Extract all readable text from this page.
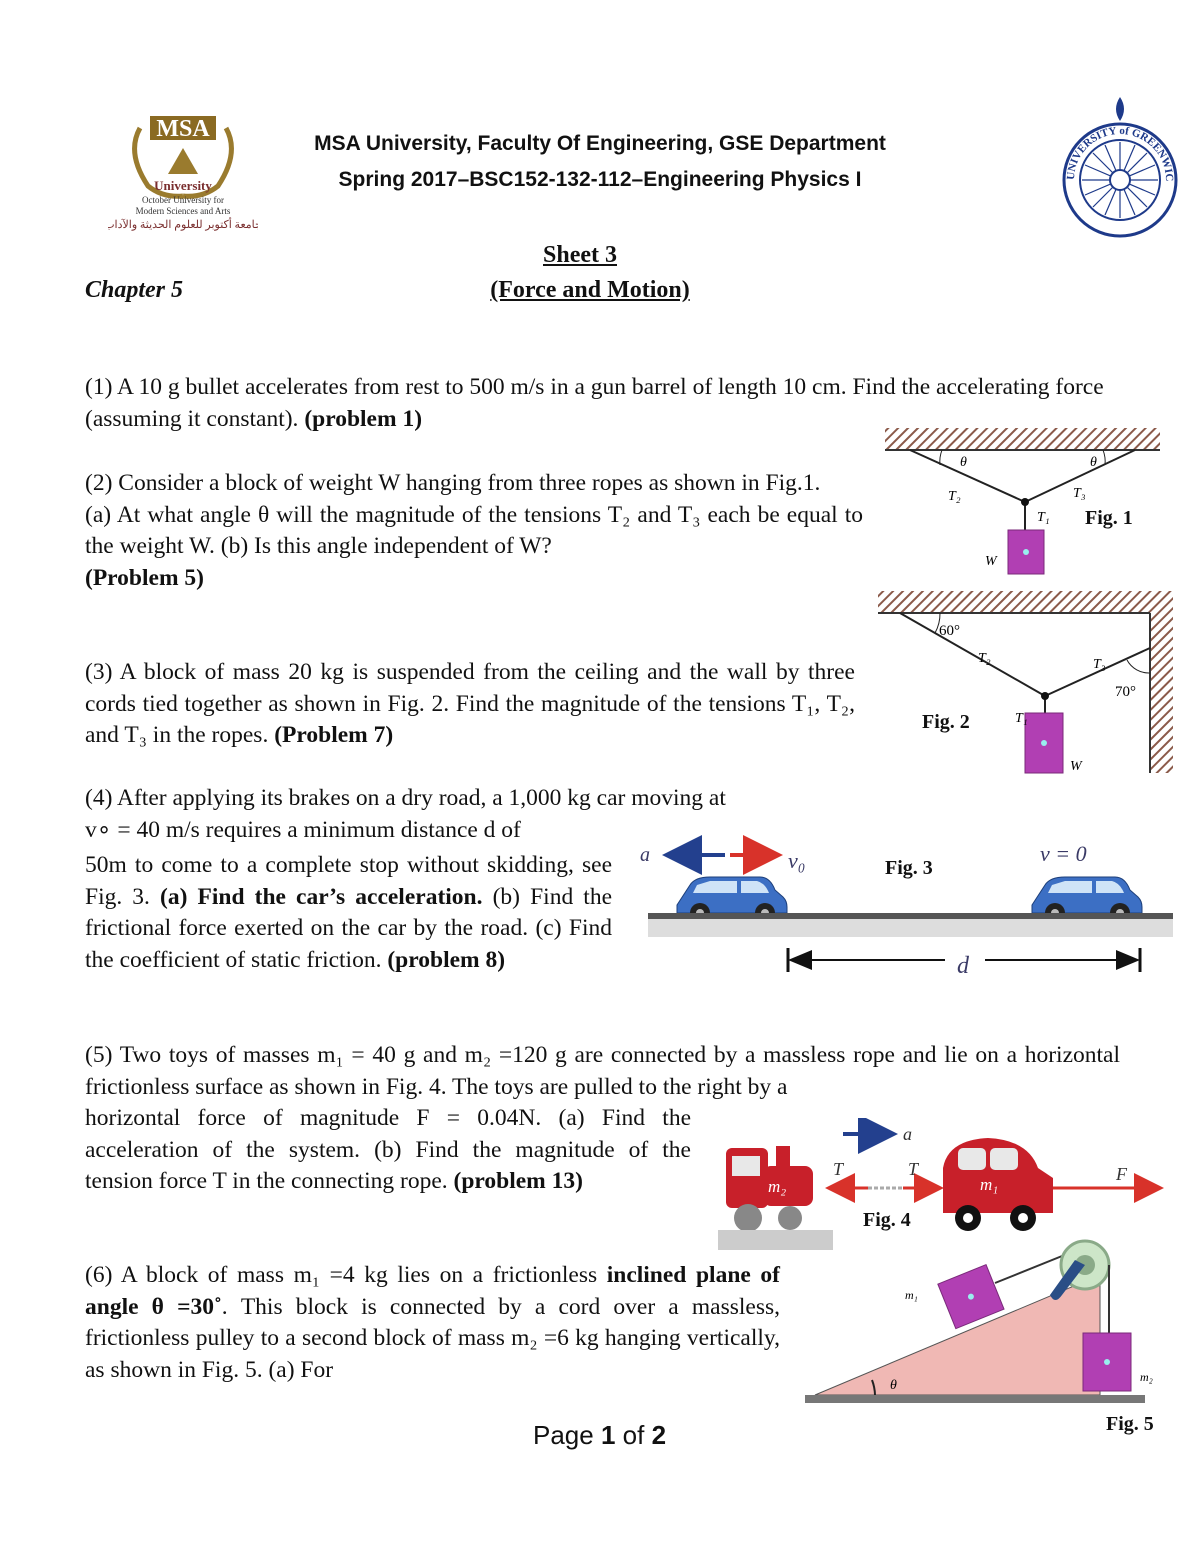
MSA
University
October University for
Modern Sciences and Arts
جامعة أكتوبر للعلوم الحديثة والآداب
MSA University, Faculty Of Engineering, GSE Department
Spring 2017–BSC152-132-112–Engineering Physics I	UNIVERSITY of GREENWIC
Sheet 3
Chapter 5	(Force and Motion)
(1) A 10 g bullet accelerates from rest to 500 m/s in a gun barrel of length 10 cm. Find the accelerating force (assuming it constant). (problem 1)
(2) Consider a block of weight W hanging from three ropes as shown in Fig.1.
(a) At what angle θ will the magnitude of the tensions T₂ and T₃ each be equal to the weight W. (b) Is this angle independent of W?
(Problem 5)
(3) A block of mass 20 kg is suspended from the ceiling and the wall by three cords tied together as shown in Fig. 2. Find the magnitude of the tensions T₁, T₂, and T₃ in the ropes. (Problem 7)
(4) After applying its brakes on a dry road, a 1,000 kg car moving at
v∘ = 40 m/s requires a minimum distance d of
50m to come to a complete stop without skidding, see Fig. 3. (a) Find the car’s acceleration. (b) Find the frictional force exerted on the car by the road. (c) Find the coefficient of static friction. (problem 8)
(5) Two toys of masses m₁ = 40 g and m₂ =120 g are connected by a massless rope and lie on a horizontal frictionless surface as shown in Fig. 4. The toys are pulled to the right by a
horizontal force of magnitude F = 0.04N. (a) Find the acceleration of the system. (b) Find the magnitude of the tension force T in the connecting rope. (problem 13)
(6) A block of mass m₁ =4 kg lies on a frictionless inclined plane of angle θ =30˚. This block is connected by a cord over a massless, frictionless pulley to a second block of mass m₂ =6 kg hanging vertically, as shown in Fig. 5. (a) For
θ	θ
T₂	T₃
T₁
W
Fig. 1
60°
70°
T₂	T₃
T₁
W
Fig. 2
a	v₀	v = 0
d
Fig. 3
a
m₂
T	T
m₁
F
Fig. 4
θ
m₁
m₂
Fig. 5
Page 1 of 2
